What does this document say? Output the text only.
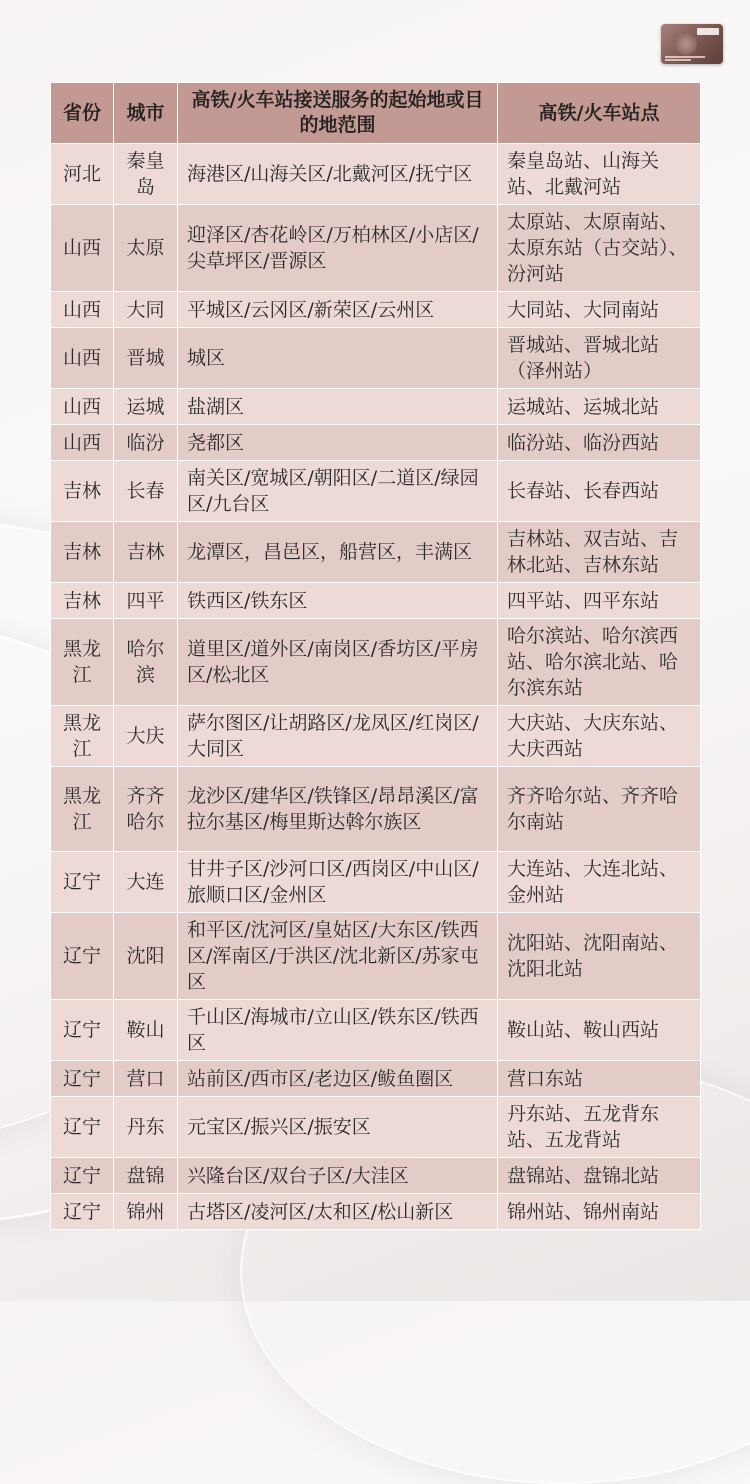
省份	城市	高铁/火车站接送服务的起始地或目的地范围	高铁/火车站点
河北	秦皇岛	海港区/山海关区/北戴河区/抚宁区	秦皇岛站、山海关站、北戴河站
山西	太原	迎泽区/杏花岭区/万柏林区/小店区/尖草坪区/晋源区	太原站、太原南站、太原东站（古交站）、汾河站
山西	大同	平城区/云冈区/新荣区/云州区	大同站、大同南站
山西	晋城	城区	晋城站、晋城北站（泽州站）
山西	运城	盐湖区	运城站、运城北站
山西	临汾	尧都区	临汾站、临汾西站
吉林	长春	南关区/宽城区/朝阳区/二道区/绿园区/九台区	长春站、长春西站
吉林	吉林	龙潭区，昌邑区，船营区，丰满区	吉林站、双吉站、吉林北站、吉林东站
吉林	四平	铁西区/铁东区	四平站、四平东站
黑龙江	哈尔滨	道里区/道外区/南岗区/香坊区/平房区/松北区	哈尔滨站、哈尔滨西站、哈尔滨北站、哈尔滨东站
黑龙江	大庆	萨尔图区/让胡路区/龙凤区/红岗区/大同区	大庆站、大庆东站、大庆西站
黑龙江	齐齐哈尔	龙沙区/建华区/铁锋区/昂昂溪区/富拉尔基区/梅里斯达斡尔族区	齐齐哈尔站、齐齐哈尔南站
辽宁	大连	甘井子区/沙河口区/西岗区/中山区/旅顺口区/金州区	大连站、大连北站、金州站
辽宁	沈阳	和平区/沈河区/皇姑区/大东区/铁西区/浑南区/于洪区/沈北新区/苏家屯区	沈阳站、沈阳南站、沈阳北站
辽宁	鞍山	千山区/海城市/立山区/铁东区/铁西区	鞍山站、鞍山西站
辽宁	营口	站前区/西市区/老边区/鲅鱼圈区	营口东站
辽宁	丹东	元宝区/振兴区/振安区	丹东站、五龙背东站、五龙背站
辽宁	盘锦	兴隆台区/双台子区/大洼区	盘锦站、盘锦北站
辽宁	锦州	古塔区/凌河区/太和区/松山新区	锦州站、锦州南站
